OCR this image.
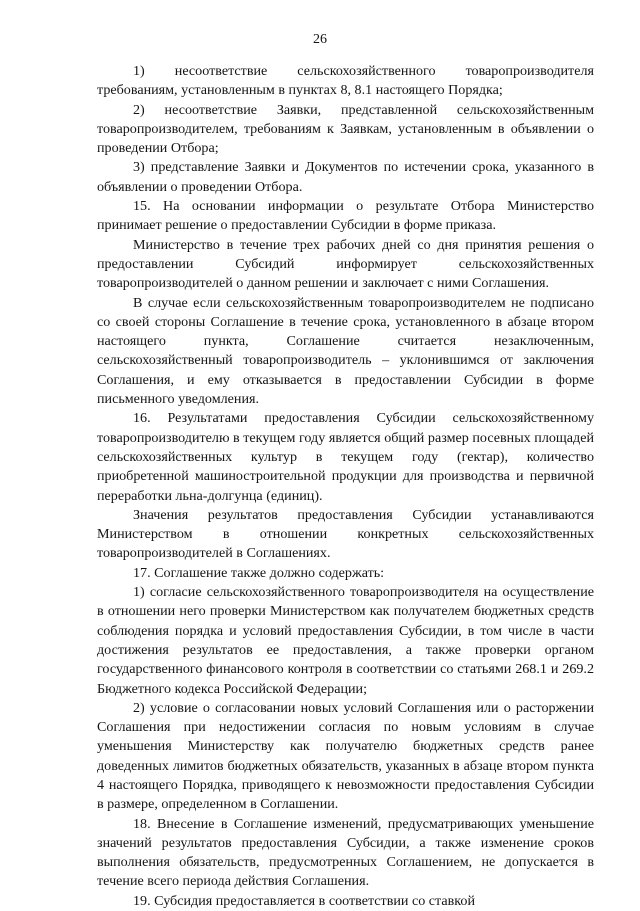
26

1) несоответствие сельскохозяйственного товаропроизводителя требованиям, установленным в пунктах 8, 8.1 настоящего Порядка;

2) несоответствие Заявки, представленной сельскохозяйственным товаропроизводителем, требованиям к Заявкам, установленным в объявлении о проведении Отбора;

3) представление Заявки и Документов по истечении срока, указанного в объявлении о проведении Отбора.

15. На основании информации о результате Отбора Министерство принимает решение о предоставлении Субсидии в форме приказа.

Министерство в течение трех рабочих дней со дня принятия решения о предоставлении Субсидий информирует сельскохозяйственных товаропроизводителей о данном решении и заключает с ними Соглашения.

В случае если сельскохозяйственным товаропроизводителем не подписано со своей стороны Соглашение в течение срока, установленного в абзаце втором настоящего пункта, Соглашение считается незаключенным, сельскохозяйственный товаропроизводитель – уклонившимся от заключения Соглашения, и ему отказывается в предоставлении Субсидии в форме письменного уведомления.

16. Результатами предоставления Субсидии сельскохозяйственному товаропроизводителю в текущем году является общий размер посевных площадей сельскохозяйственных культур в текущем году (гектар), количество приобретенной машиностроительной продукции для производства и первичной переработки льна-долгунца (единиц).

Значения результатов предоставления Субсидии устанавливаются Министерством в отношении конкретных сельскохозяйственных товаропроизводителей в Соглашениях.

17. Соглашение также должно содержать:

1) согласие сельскохозяйственного товаропроизводителя на осуществление в отношении него проверки Министерством как получателем бюджетных средств соблюдения порядка и условий предоставления Субсидии, в том числе в части достижения результатов ее предоставления, а также проверки органом государственного финансового контроля в соответствии со статьями 268.1 и 269.2 Бюджетного кодекса Российской Федерации;

2) условие о согласовании новых условий Соглашения или о расторжении Соглашения при недостижении согласия по новым условиям в случае уменьшения Министерству как получателю бюджетных средств ранее доведенных лимитов бюджетных обязательств, указанных в абзаце втором пункта 4 настоящего Порядка, приводящего к невозможности предоставления Субсидии в размере, определенном в Соглашении.

18. Внесение в Соглашение изменений, предусматривающих уменьшение значений результатов предоставления Субсидии, а также изменение сроков выполнения обязательств, предусмотренных Соглашением, не допускается в течение всего периода действия Соглашения.

19. Субсидия предоставляется в соответствии со ставкой
